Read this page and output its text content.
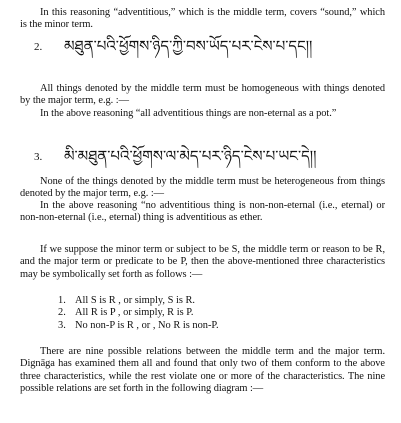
In this reasoning “adventitious,” which is the middle term, covers “sound,” which is the minor term.

2. མཐུན་པའི་ཕྱོགས་ཉིད་ཀྱི་བས་ཡོད་པར་ངེས་པ་དང།།

All things denoted by the middle term must be homogeneous with things denoted by the major term, e.g. :—

In the above reasoning “all adventitious things are non-eternal as a pot.”

3. མི་མཐུན་པའི་ཕྱོགས་ལ་མེད་པར་ཉིད་ངེས་པ་ཡང་དེ།།

None of the things denoted by the middle term must be heterogeneous from things denoted by the major term, e.g. :—

In the above reasoning “no adventitious thing is non-non-eternal (i.e., eternal) or non-non-eternal (i.e., eternal) thing is adventitious as ether.

If we suppose the minor term or subject to be S, the middle term or reason to be R, and the major term or predicate to be P, then the above-mentioned three characteristics may be symbolically set forth as follows :—

1. All S is R , or simply, S is R.
2. All R is P , or simply, R is P.
3. No non-P is R , or , No R is non-P.

There are nine possible relations between the middle term and the major term. Dignāga has examined them all and found that only two of them conform to the above three characteristics, while the rest violate one or more of the characteristics. The nine possible relations are set forth in the following diagram :—
